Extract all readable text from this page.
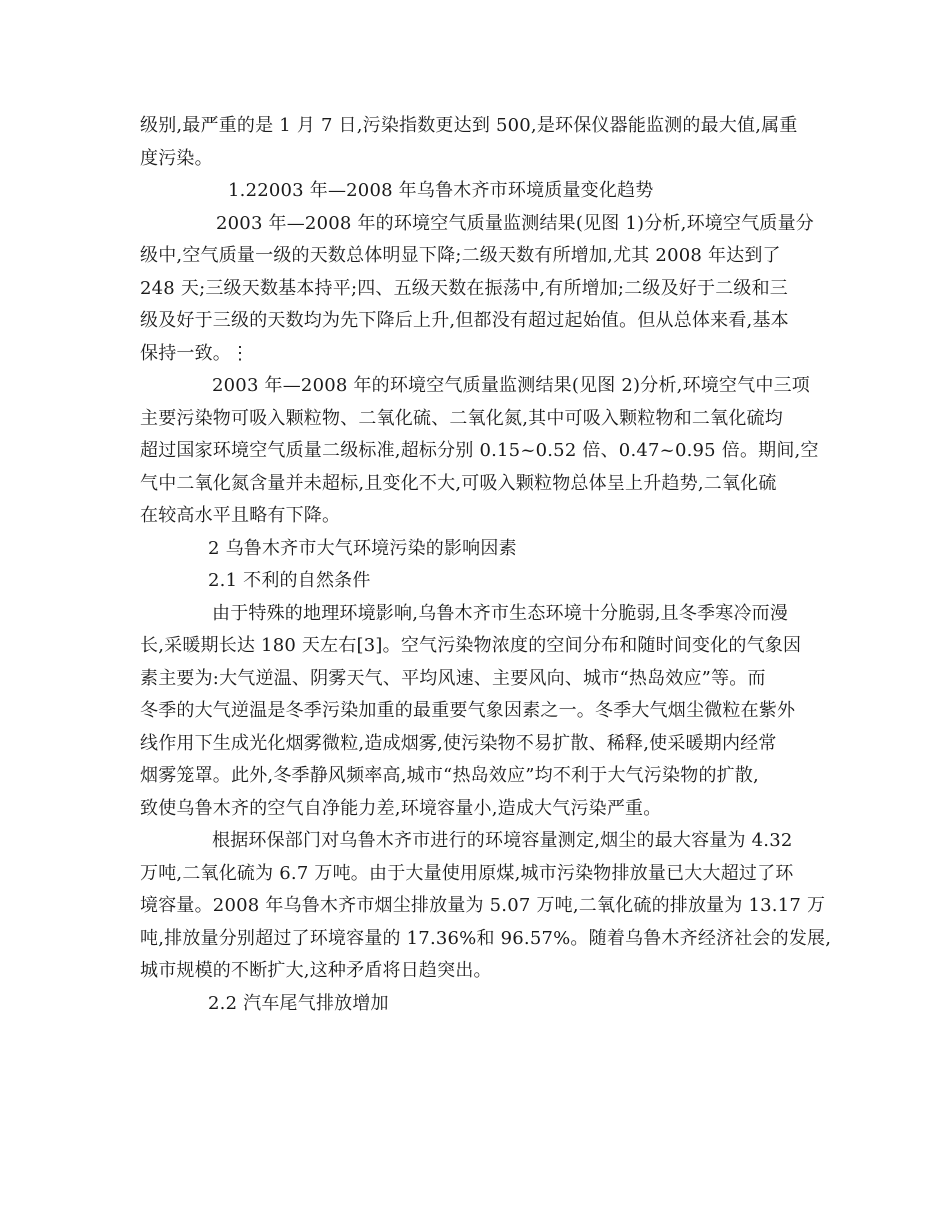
级别,最严重的是 1 月 7 日,污染指数更达到 500,是环保仪器能监测的最大值,属重
度污染。
1.22003 年—2008 年乌鲁木齐市环境质量变化趋势
2003 年—2008 年的环境空气质量监测结果(见图 1)分析,环境空气质量分
级中,空气质量一级的天数总体明显下降;二级天数有所增加,尤其 2008 年达到了
248 天;三级天数基本持平;四、五级天数在振荡中,有所增加;二级及好于二级和三
级及好于三级的天数均为先下降后上升,但都没有超过起始值。但从总体来看,基本
保持一致。⋮
2003 年—2008 年的环境空气质量监测结果(见图 2)分析,环境空气中三项
主要污染物可吸入颗粒物、二氧化硫、二氧化氮,其中可吸入颗粒物和二氧化硫均
超过国家环境空气质量二级标准,超标分别 0.15~0.52 倍、0.47~0.95 倍。期间,空
气中二氧化氮含量并未超标,且变化不大,可吸入颗粒物总体呈上升趋势,二氧化硫
在较高水平且略有下降。
2 乌鲁木齐市大气环境污染的影响因素
2.1 不利的自然条件
由于特殊的地理环境影响,乌鲁木齐市生态环境十分脆弱,且冬季寒冷而漫
长,采暖期长达 180 天左右[3]。空气污染物浓度的空间分布和随时间变化的气象因
素主要为:大气逆温、阴雾天气、平均风速、主要风向、城市“热岛效应”等。而
冬季的大气逆温是冬季污染加重的最重要气象因素之一。冬季大气烟尘微粒在紫外
线作用下生成光化烟雾微粒,造成烟雾,使污染物不易扩散、稀释,使采暖期内经常
烟雾笼罩。此外,冬季静风频率高,城市“热岛效应”均不利于大气污染物的扩散,
致使乌鲁木齐的空气自净能力差,环境容量小,造成大气污染严重。
根据环保部门对乌鲁木齐市进行的环境容量测定,烟尘的最大容量为 4.32
万吨,二氧化硫为 6.7 万吨。由于大量使用原煤,城市污染物排放量已大大超过了环
境容量。2008 年乌鲁木齐市烟尘排放量为 5.07 万吨,二氧化硫的排放量为 13.17 万
吨,排放量分别超过了环境容量的 17.36%和 96.57%。随着乌鲁木齐经济社会的发展,
城市规模的不断扩大,这种矛盾将日趋突出。
2.2 汽车尾气排放增加
